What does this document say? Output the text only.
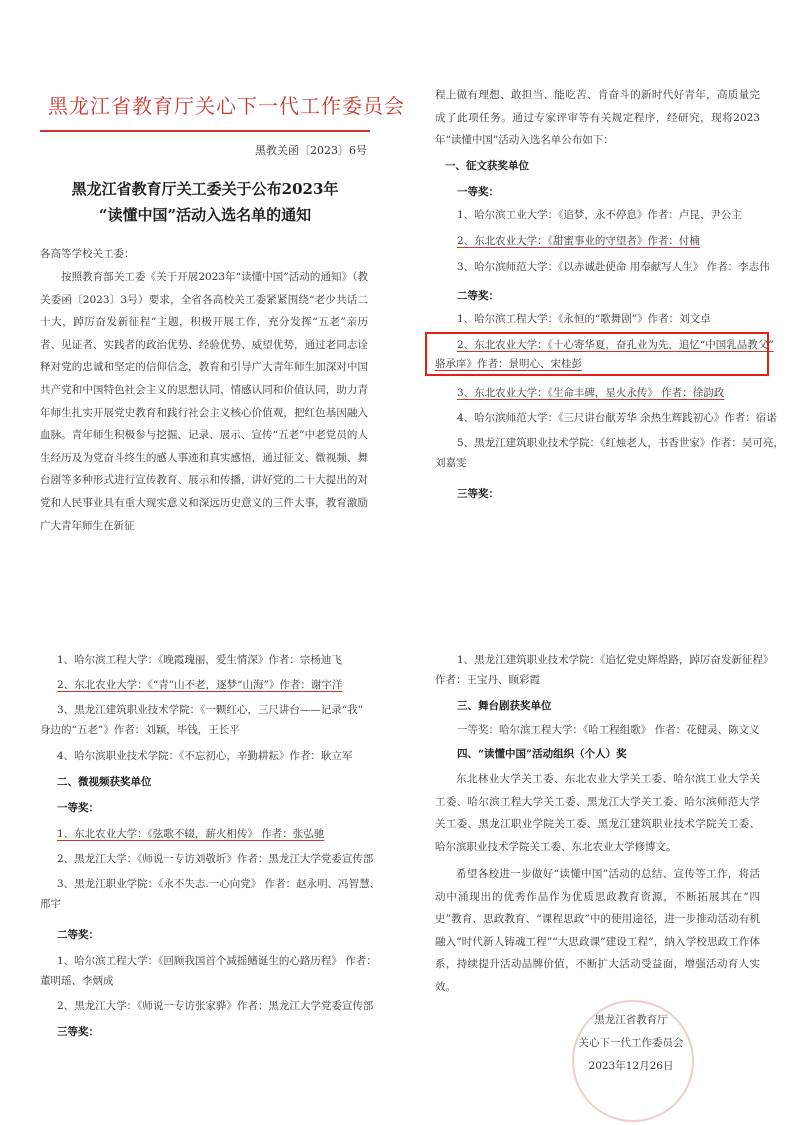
黑龙江省教育厅关心下一代工作委员会
黑教关函〔2023〕6号
黑龙江省教育厅关工委关于公布2023年
“读懂中国”活动入选名单的通知
各高等学校关工委：
按照教育部关工委《关于开展2023年“读懂中国”活动的通知》（教关委函〔2023〕3号）要求，全省各高校关工委紧紧围绕“老少共话二十大，踔厉奋发新征程”主题，积极开展工作，充分发挥“五老”亲历者、见证者、实践者的政治优势、经验优势、威望优势，通过老同志诠释对党的忠诚和坚定的信仰信念，教育和引导广大青年师生加深对中国共产党和中国特色社会主义的思想认同、情感认同和价值认同，助力青年师生扎实开展党史教育和践行社会主义核心价值观，把红色基因融入血脉。青年师生积极参与挖掘、记录、展示、宣传“五老”中老党员的人生经历及为党奋斗终生的感人事迹和真实感悟，通过征文、微视频、舞台剧等多种形式进行宣传教育、展示和传播，讲好党的二十大提出的对党和人民事业具有重大现实意义和深远历史意义的三件大事，教育激励广大青年师生在新征
程上做有理想、敢担当、能吃苦、肯奋斗的新时代好青年，高质量完成了此项任务。通过专家评审等有关规定程序，经研究，现将2023年“读懂中国”活动入选名单公布如下：
一、征文获奖单位
一等奖：
1、哈尔滨工业大学：《追梦，永不停息》作者：卢昆、尹公主
2、东北农业大学：《甜蜜事业的守望者》作者：付楠
3、哈尔滨师范大学：《以赤诚赴使命 用奉献写人生》 作者：李志伟
二等奖：
1、哈尔滨工程大学：《永恒的“歌舞剧”》作者：刘文卓
2、东北农业大学：《十心寄华夏，奋孔业为先，追忆“中国乳品教父”
骆承庠》作者：景明心、宋桂彭
3、东北农业大学：《生命丰碑，星火永传》 作者：徐韵政
4、哈尔滨师范大学：《三尺讲台献芳华 余热生辉践初心》作者：宿诺
5、黑龙江建筑职业技术学院：《红烛老人，书香世家》作者：吴可亮，
刘嘉雯
三等奖：
1、哈尔滨工程大学：《晚霞瑰丽，爱生情深》作者：宗杨迪飞
2、东北农业大学：《“青”山不老，逐梦“山海”》作者：谢宇洋
3、黑龙江建筑职业技术学院：《一颗红心，三尺讲台——记录“我”
身边的“五老”》作者：刘颖，毕钱，王长平
4、哈尔滨职业技术学院：《不忘初心，辛勤耕耘》作者：耿立军
二、微视频获奖单位
一等奖：
1、东北农业大学：《弦歌不辍，薪火相传》 作者：张弘驰
2、黑龙江大学：《师说一专访刘敬圻》作者：黑龙江大学党委宣传部
3、黑龙江职业学院：《永不失志.一心向党》 作者：赵永明、冯智慧、
邢宇
二等奖：
1、哈尔滨工程大学：《回顾我国首个减摇鳍诞生的心路历程》 作者：
董明瑶、李炳成
2、黑龙江大学：《师说一专访张家骅》作者：黑龙江大学党委宣传部
三等奖：
1、黑龙江建筑职业技术学院：《追忆党史辉煌路，踔厉奋发新征程》
作者：王宝丹、顾彩霞
三、舞台剧获奖单位
一等奖：哈尔滨工程大学：《哈工程组歌》 作者：花健灵、陈文义
四、“读懂中国”活动组织（个人）奖
东北林业大学关工委、东北农业大学关工委、哈尔滨工业大学关工委、哈尔滨工程大学关工委、黑龙江大学关工委、哈尔滨师范大学关工委、黑龙江职业学院关工委、黑龙江建筑职业技术学院关工委、哈尔滨职业技术学院关工委、东北农业大学修博文。
希望各校进一步做好“读懂中国”活动的总结、宣传等工作，将活动中涌现出的优秀作品作为优质思政教育资源，不断拓展其在“四史”教育、思政教育、“课程思政”中的使用途径，进一步推动活动有机融入“时代新人铸魂工程”“大思政课”建设工程”，纳入学校思政工作体系，持续提升活动品牌价值，不断扩大活动受益面，增强活动育人实效。
黑龙江省教育厅
关心下一代工作委员会
2023年12月26日
